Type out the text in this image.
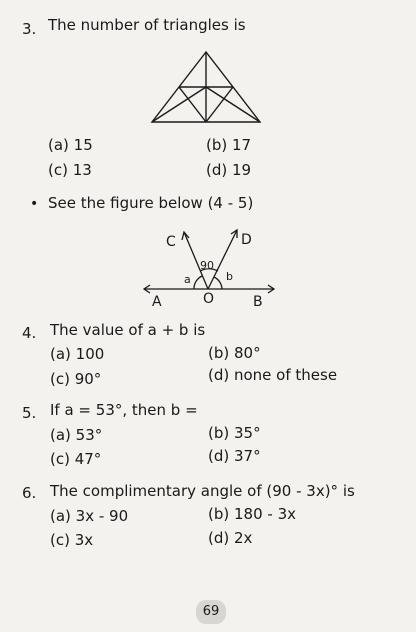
3. The number of triangles is
(a) 15	(b) 17
(c) 13	(d) 19
• See the figure below (4 - 5)
C	D
90
a	b
A	O	B
4. The value of a + b is
(a) 100	(b) 80°
(c) 90°	(d) none of these
5. If a = 53°, then b =
(a) 53°	(b) 35°
(c) 47°	(d) 37°
6. The complimentary angle of (90 - 3x)° is
(a) 3x - 90	(b) 180 - 3x
(c) 3x	(d) 2x
69
